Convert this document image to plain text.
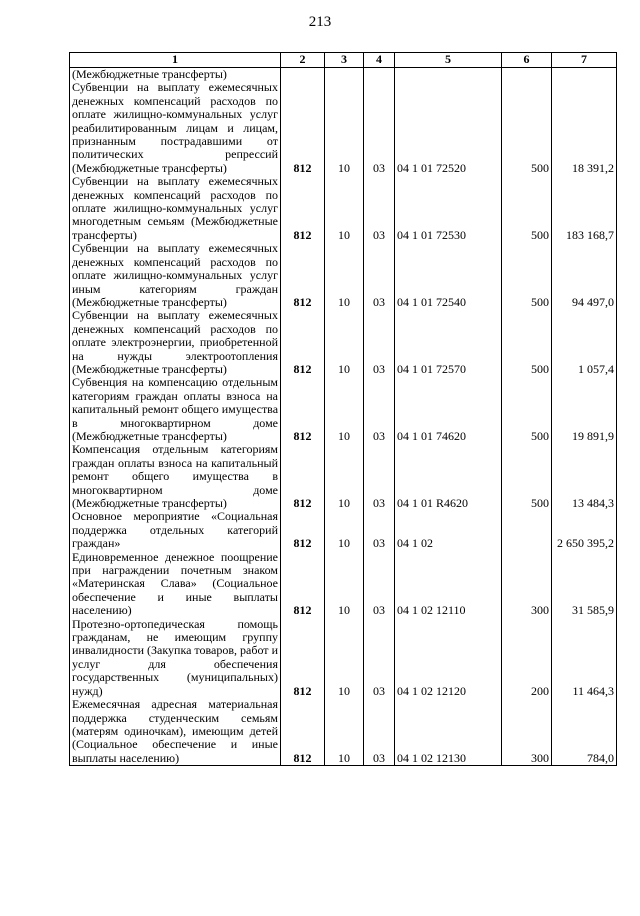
213
1	2	3	4	5	6	7
(Межбюджетные трансферты)						
Субвенции на выплату ежемесячных денежных компенсаций расходов по оплате жилищно-коммунальных услуг реабилитированным лицам и лицам, признанным пострадавшими от политических репрессий (Межбюджетные трансферты)	812	10	03	04 1 01 72520	500	18 391,2
Субвенции на выплату ежемесячных денежных компенсаций расходов по оплате жилищно-коммунальных услуг многодетным семьям (Межбюджетные трансферты)	812	10	03	04 1 01 72530	500	183 168,7
Субвенции на выплату ежемесячных денежных компенсаций расходов по оплате жилищно-коммунальных услуг иным категориям граждан (Межбюджетные трансферты)	812	10	03	04 1 01 72540	500	94 497,0
Субвенции на выплату ежемесячных денежных компенсаций расходов по оплате электроэнергии, приобретенной на нужды электроотопления (Межбюджетные трансферты)	812	10	03	04 1 01 72570	500	1 057,4
Субвенция на компенсацию отдельным категориям граждан оплаты взноса на капитальный ремонт общего имущества в многоквартирном доме (Межбюджетные трансферты)	812	10	03	04 1 01 74620	500	19 891,9
Компенсация отдельным категориям граждан оплаты взноса на капитальный ремонт общего имущества в многоквартирном доме (Межбюджетные трансферты)	812	10	03	04 1 01 R4620	500	13 484,3
Основное мероприятие «Социальная поддержка отдельных категорий граждан»	812	10	03	04 1 02		2 650 395,2
Единовременное денежное поощрение при награждении почетным знаком «Материнская Слава» (Социальное обеспечение и иные выплаты населению)	812	10	03	04 1 02 12110	300	31 585,9
Протезно-ортопедическая помощь гражданам, не имеющим группу инвалидности (Закупка товаров, работ и услуг для обеспечения государственных (муниципальных) нужд)	812	10	03	04 1 02 12120	200	11 464,3
Ежемесячная адресная материальная поддержка студенческим семьям (матерям одиночкам), имеющим детей (Социальное обеспечение и иные выплаты населению)	812	10	03	04 1 02 12130	300	784,0
